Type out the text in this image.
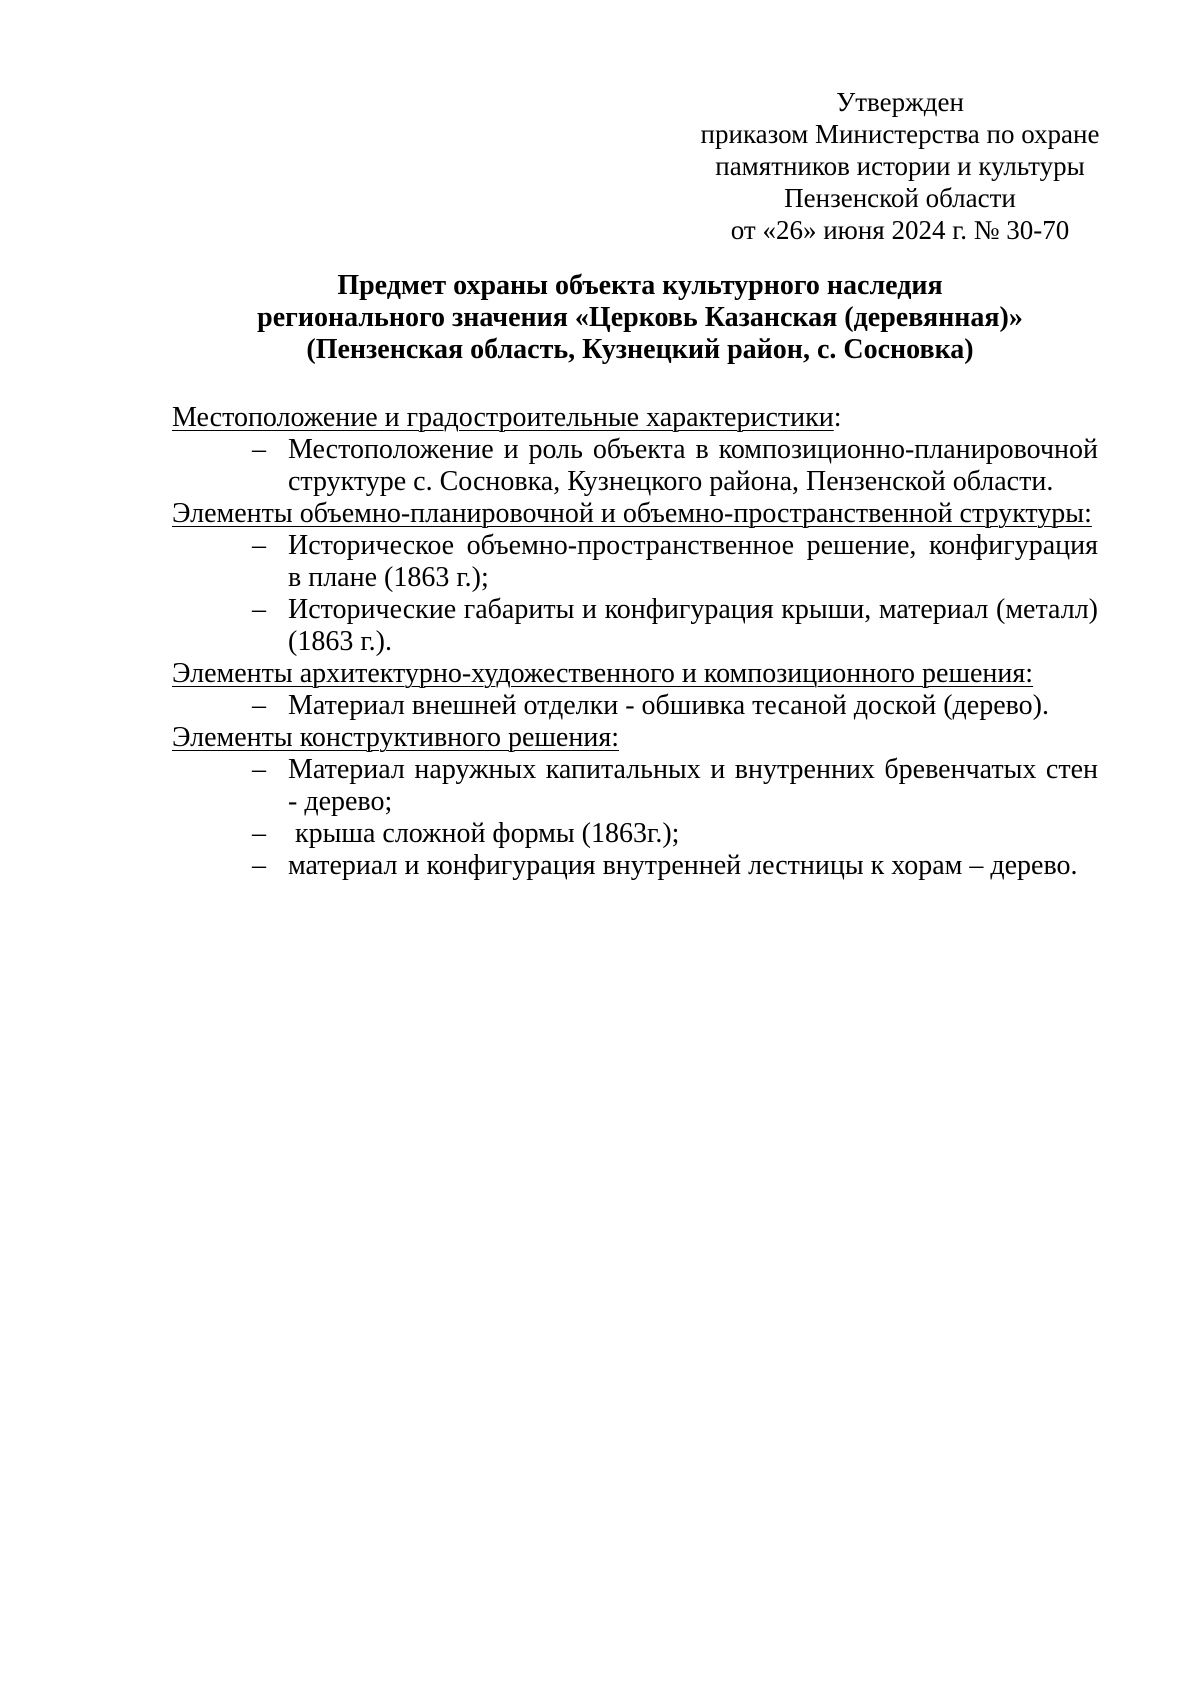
Утвержден
приказом Министерства по охране
памятников истории и культуры
Пензенской области
от «26» июня 2024 г. № 30-70
Предмет охраны объекта культурного наследия
регионального значения «Церковь Казанская (деревянная)»
(Пензенская область, Кузнецкий район, с. Сосновка)
Местоположение и градостроительные характеристики:
– Местоположение и роль объекта в композиционно-планировочной структуре с. Сосновка, Кузнецкого района, Пензенской области.
Элементы объемно-планировочной и объемно-пространственной структуры:
– Историческое объемно-пространственное решение, конфигурация в плане (1863 г.);
– Исторические габариты и конфигурация крыши, материал (металл) (1863 г.).
Элементы архитектурно-художественного и композиционного решения:
– Материал внешней отделки - обшивка тесаной доской (дерево).
Элементы конструктивного решения:
– Материал наружных капитальных и внутренних бревенчатых стен - дерево;
– крыша сложной формы (1863г.);
– материал и конфигурация внутренней лестницы к хорам – дерево.
